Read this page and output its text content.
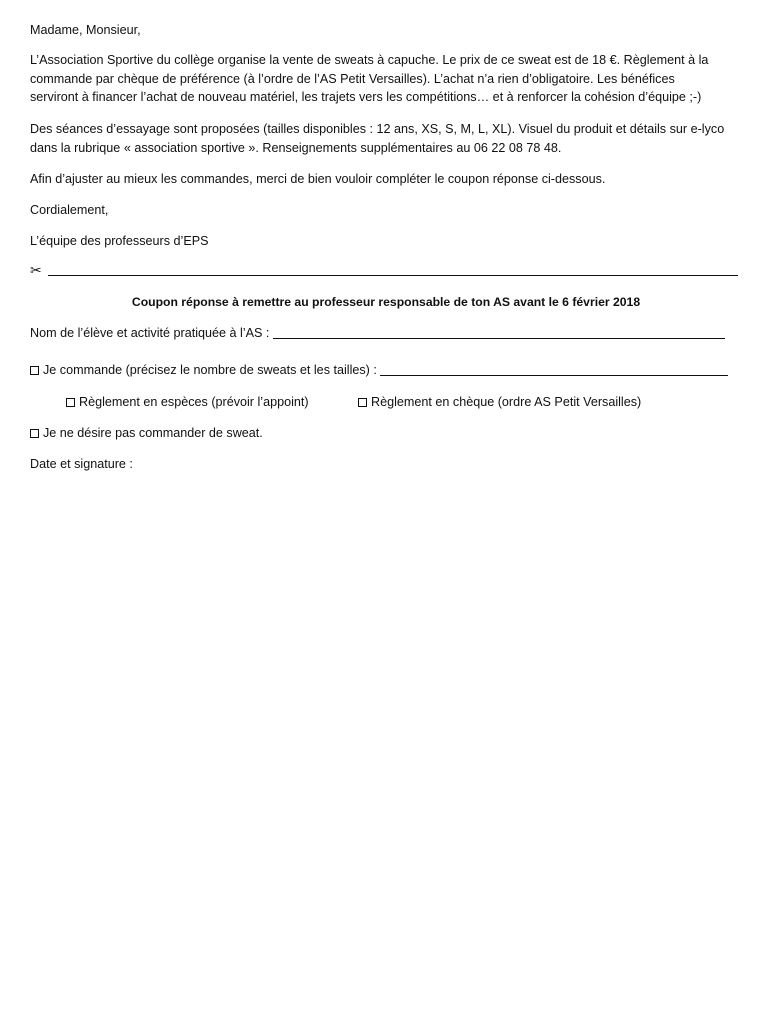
Madame, Monsieur,
L’Association Sportive du collège organise la vente de sweats à capuche. Le prix de ce sweat est de 18 €. Règlement à la
commande par chèque de préférence (à l’ordre de l’AS Petit Versailles). L’achat n’a rien d’obligatoire. Les bénéfices
serviront à financer l’achat de nouveau matériel, les trajets vers les compétitions… et à renforcer la cohésion d’équipe ;-)
Des séances d’essayage sont proposées (tailles disponibles : 12 ans, XS, S, M, L, XL). Visuel du produit et détails sur e-lyco
dans la rubrique « association sportive ». Renseignements supplémentaires au 06 22 08 78 48.
Afin d’ajuster au mieux les commandes, merci de bien vouloir compléter le coupon réponse ci-dessous.
Cordialement,
L’équipe des professeurs d’EPS
✂
Coupon réponse à remettre au professeur responsable de ton AS avant le 6 février 2018
Nom de l’élève et activité pratiquée à l’AS :
Je commande (précisez le nombre de sweats et les tailles) :
Règlement en espèces (prévoir l’appoint)	Règlement en chèque (ordre AS Petit Versailles)
Je ne désire pas commander de sweat.
Date et signature :
